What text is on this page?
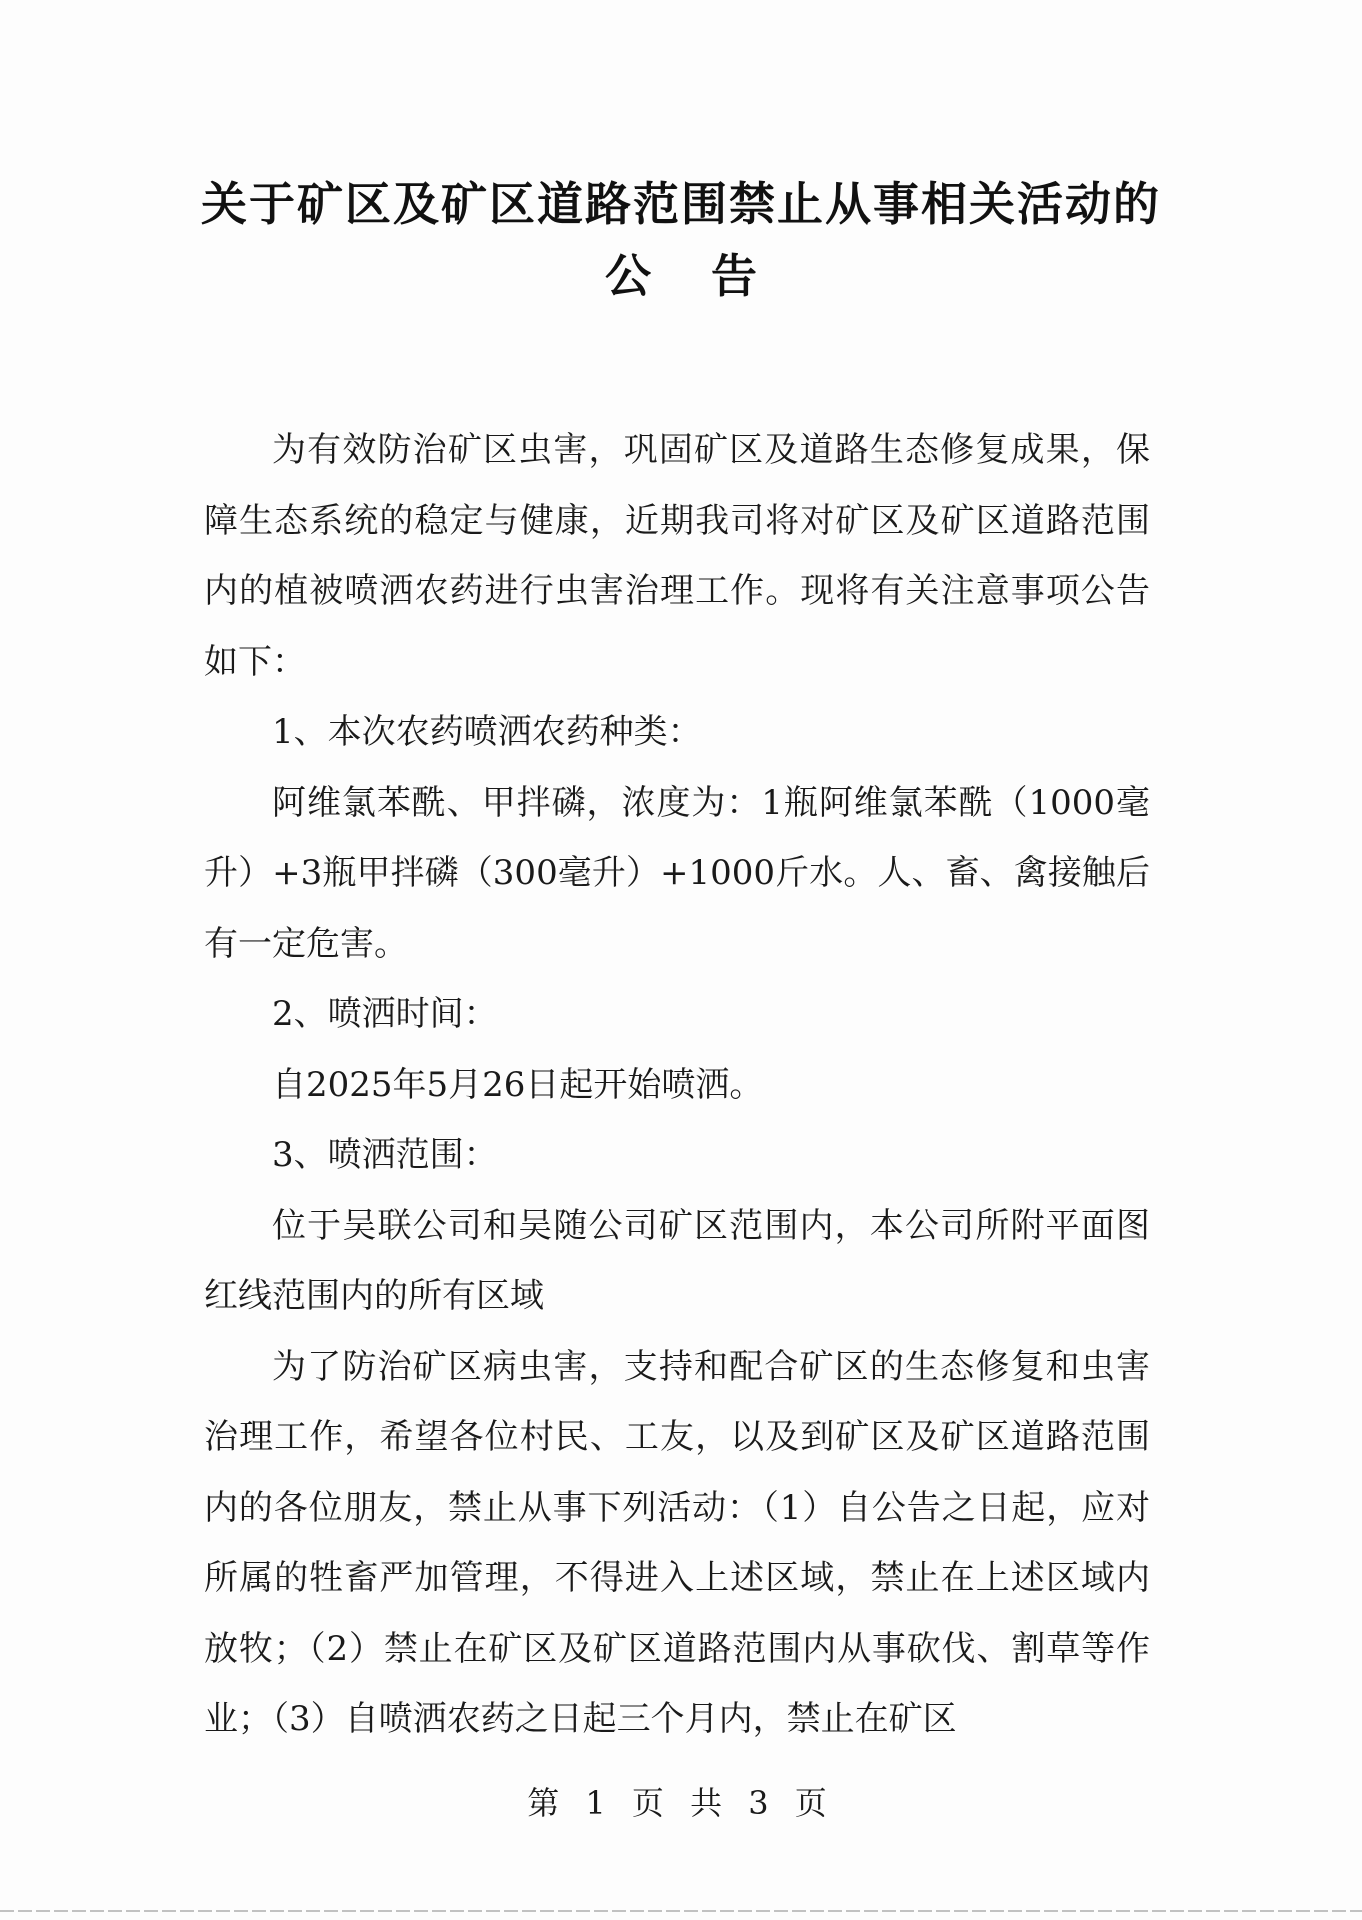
关于矿区及矿区道路范围禁止从事相关活动的
公告

为有效防治矿区虫害，巩固矿区及道路生态修复成果，保障生态系统的稳定与健康，近期我司将对矿区及矿区道路范围内的植被喷洒农药进行虫害治理工作。现将有关注意事项公告如下：

1、本次农药喷洒农药种类：

阿维氯苯酰、甲拌磷，浓度为：1瓶阿维氯苯酰（1000毫升）+3瓶甲拌磷（300毫升）+1000斤水。人、畜、禽接触后有一定危害。

2、喷洒时间：

自2025年5月26日起开始喷洒。

3、喷洒范围：

位于吴联公司和吴随公司矿区范围内，本公司所附平面图红线范围内的所有区域

为了防治矿区病虫害，支持和配合矿区的生态修复和虫害治理工作，希望各位村民、工友，以及到矿区及矿区道路范围内的各位朋友，禁止从事下列活动：（1）自公告之日起，应对所属的牲畜严加管理，不得进入上述区域，禁止在上述区域内放牧；（2）禁止在矿区及矿区道路范围内从事砍伐、割草等作业；（3）自喷洒农药之日起三个月内，禁止在矿区

第 1 页 共 3 页
